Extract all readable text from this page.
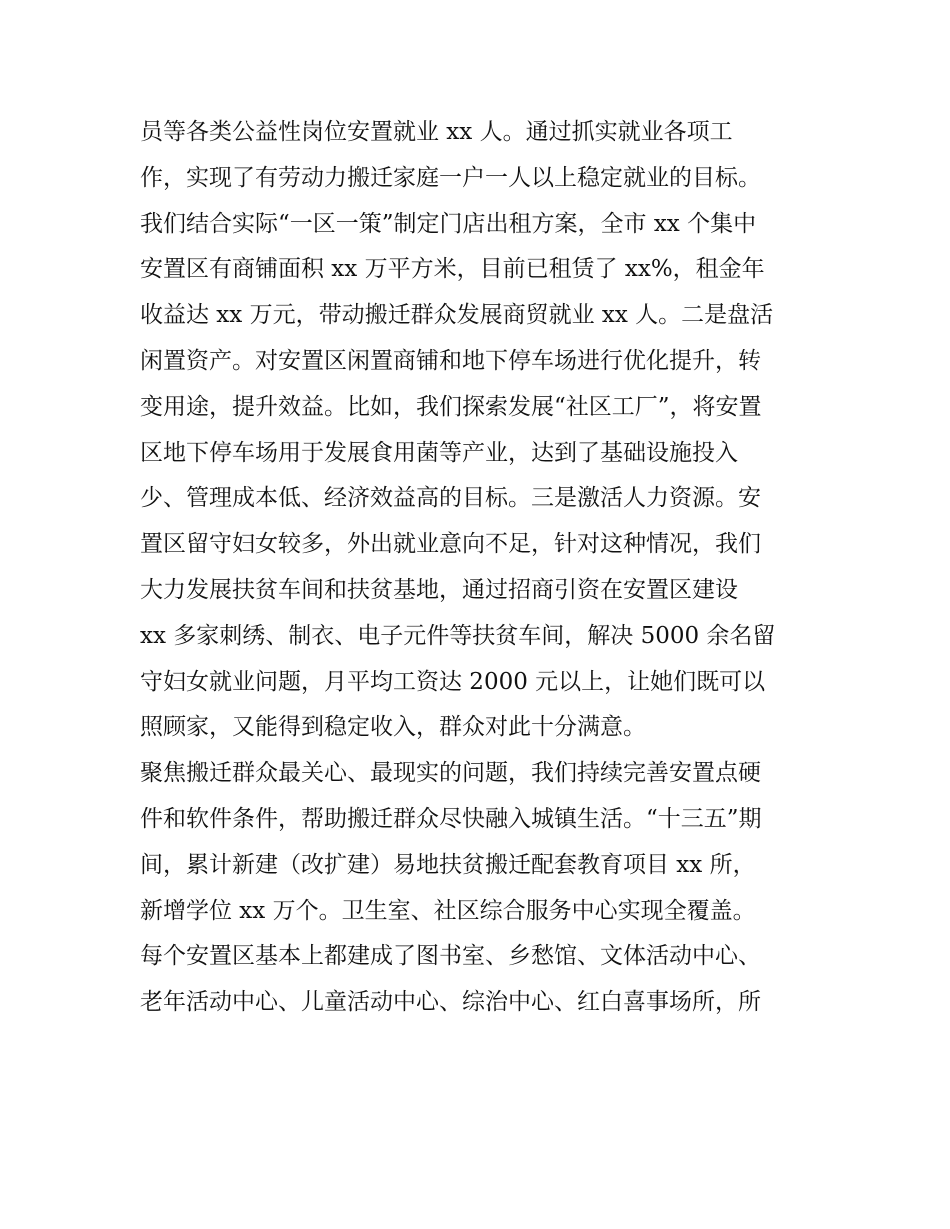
员等各类公益性岗位安置就业 xx 人。通过抓实就业各项工
作，实现了有劳动力搬迁家庭一户一人以上稳定就业的目标。
我们结合实际“一区一策”制定门店出租方案，全市 xx 个集中
安置区有商铺面积 xx 万平方米，目前已租赁了 xx%，租金年
收益达 xx 万元，带动搬迁群众发展商贸就业 xx 人。二是盘活
闲置资产。对安置区闲置商铺和地下停车场进行优化提升，转
变用途，提升效益。比如，我们探索发展“社区工厂”，将安置
区地下停车场用于发展食用菌等产业，达到了基础设施投入
少、管理成本低、经济效益高的目标。三是激活人力资源。安
置区留守妇女较多，外出就业意向不足，针对这种情况，我们
大力发展扶贫车间和扶贫基地，通过招商引资在安置区建设
xx 多家刺绣、制衣、电子元件等扶贫车间，解决 5000 余名留
守妇女就业问题，月平均工资达 2000 元以上，让她们既可以
照顾家，又能得到稳定收入，群众对此十分满意。
聚焦搬迁群众最关心、最现实的问题，我们持续完善安置点硬
件和软件条件，帮助搬迁群众尽快融入城镇生活。“十三五”期
间，累计新建（改扩建）易地扶贫搬迁配套教育项目 xx 所，
新增学位 xx 万个。卫生室、社区综合服务中心实现全覆盖。
每个安置区基本上都建成了图书室、乡愁馆、文体活动中心、
老年活动中心、儿童活动中心、综治中心、红白喜事场所，所
